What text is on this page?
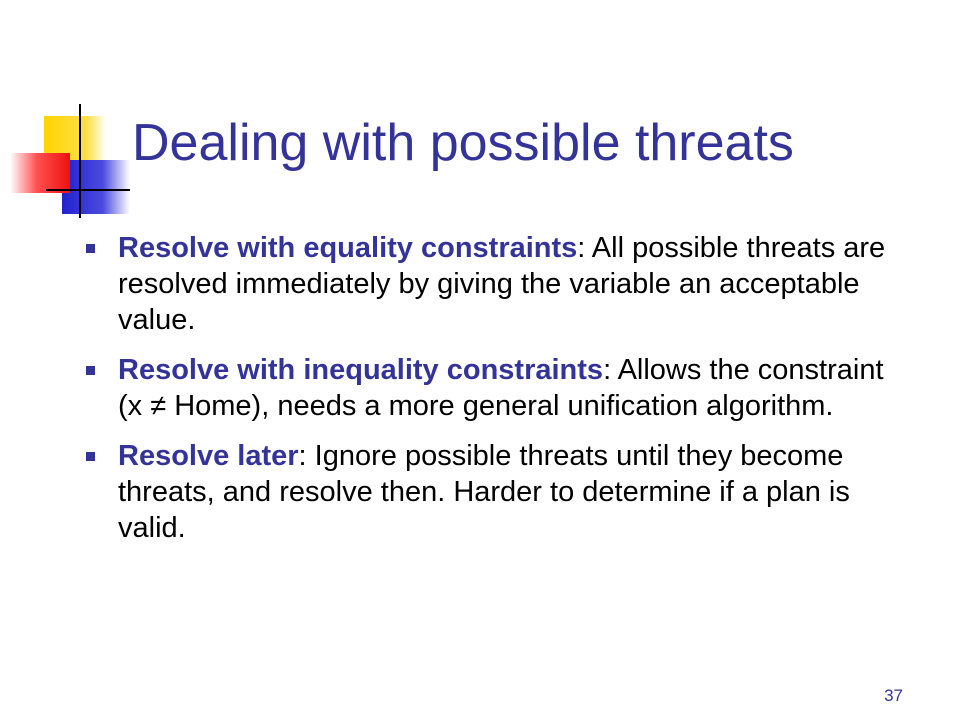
Dealing with possible threats
Resolve with equality constraints: All possible threats are resolved immediately by giving the variable an acceptable value.
Resolve with inequality constraints: Allows the constraint (x ≠ Home), needs a more general unification algorithm.
Resolve later: Ignore possible threats until they become threats, and resolve then. Harder to determine if a plan is valid.
37
